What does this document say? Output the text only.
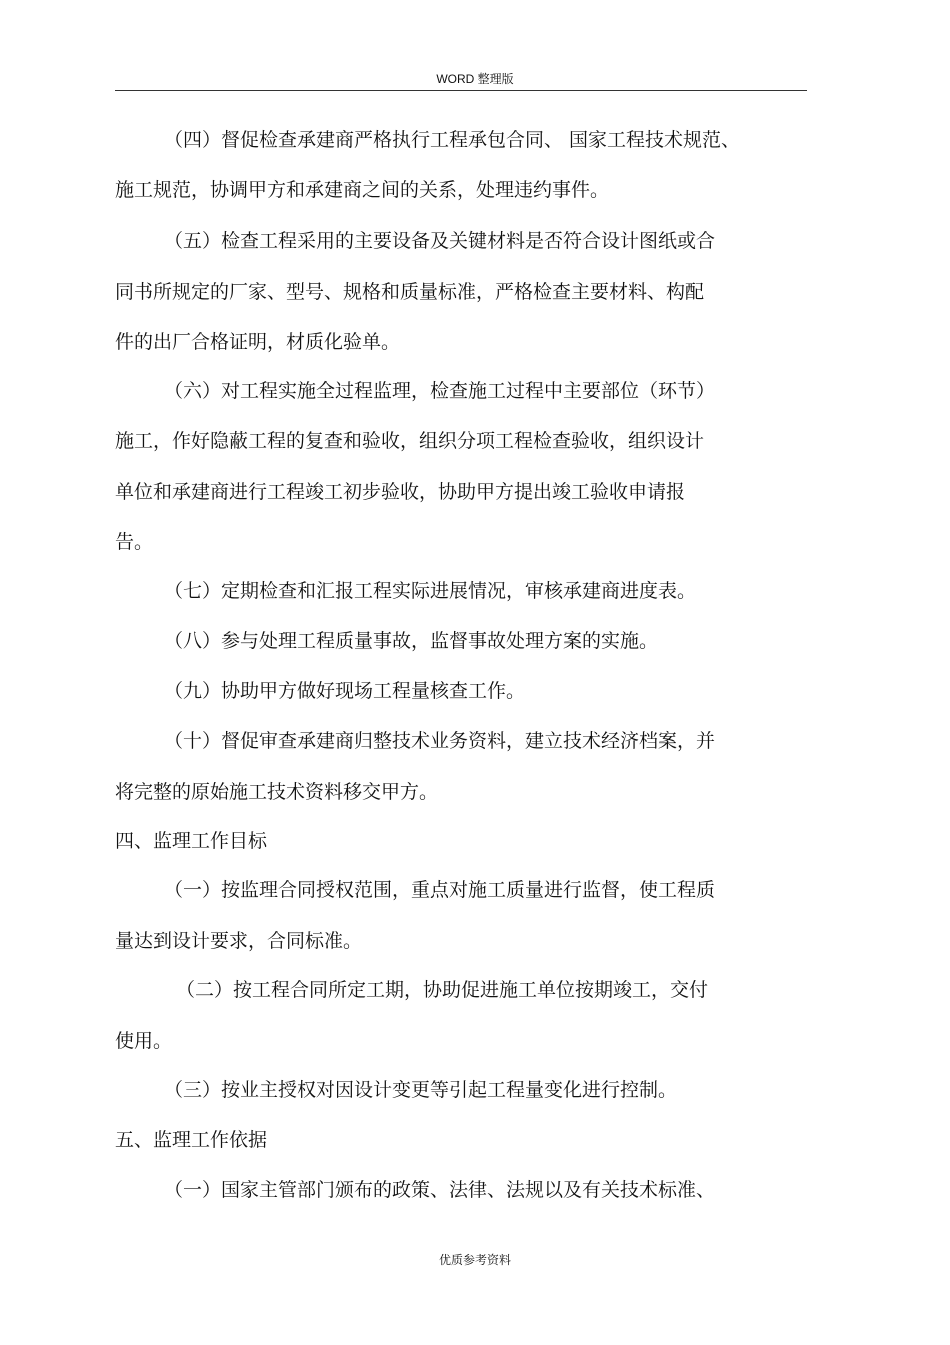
WORD 整理版
（四）督促检查承建商严格执行工程承包合同、 国家工程技术规范、
施工规范，协调甲方和承建商之间的关系，处理违约事件。
（五）检查工程采用的主要设备及关键材料是否符合设计图纸或合
同书所规定的厂家、型号、规格和质量标准，严格检查主要材料、构配
件的出厂合格证明，材质化验单。
（六）对工程实施全过程监理，检查施工过程中主要部位（环节）
施工，作好隐蔽工程的复查和验收，组织分项工程检查验收，组织设计
单位和承建商进行工程竣工初步验收，协助甲方提出竣工验收申请报
告。
（七）定期检查和汇报工程实际进展情况，审核承建商进度表。
（八）参与处理工程质量事故，监督事故处理方案的实施。
（九）协助甲方做好现场工程量核查工作。
（十）督促审查承建商归整技术业务资料，建立技术经济档案，并
将完整的原始施工技术资料移交甲方。
四、监理工作目标
（一）按监理合同授权范围，重点对施工质量进行监督，使工程质
量达到设计要求，合同标准。
（二）按工程合同所定工期，协助促进施工单位按期竣工，交付
使用。
（三）按业主授权对因设计变更等引起工程量变化进行控制。
五、监理工作依据
（一）国家主管部门颁布的政策、法律、法规以及有关技术标准、
优质参考资料
